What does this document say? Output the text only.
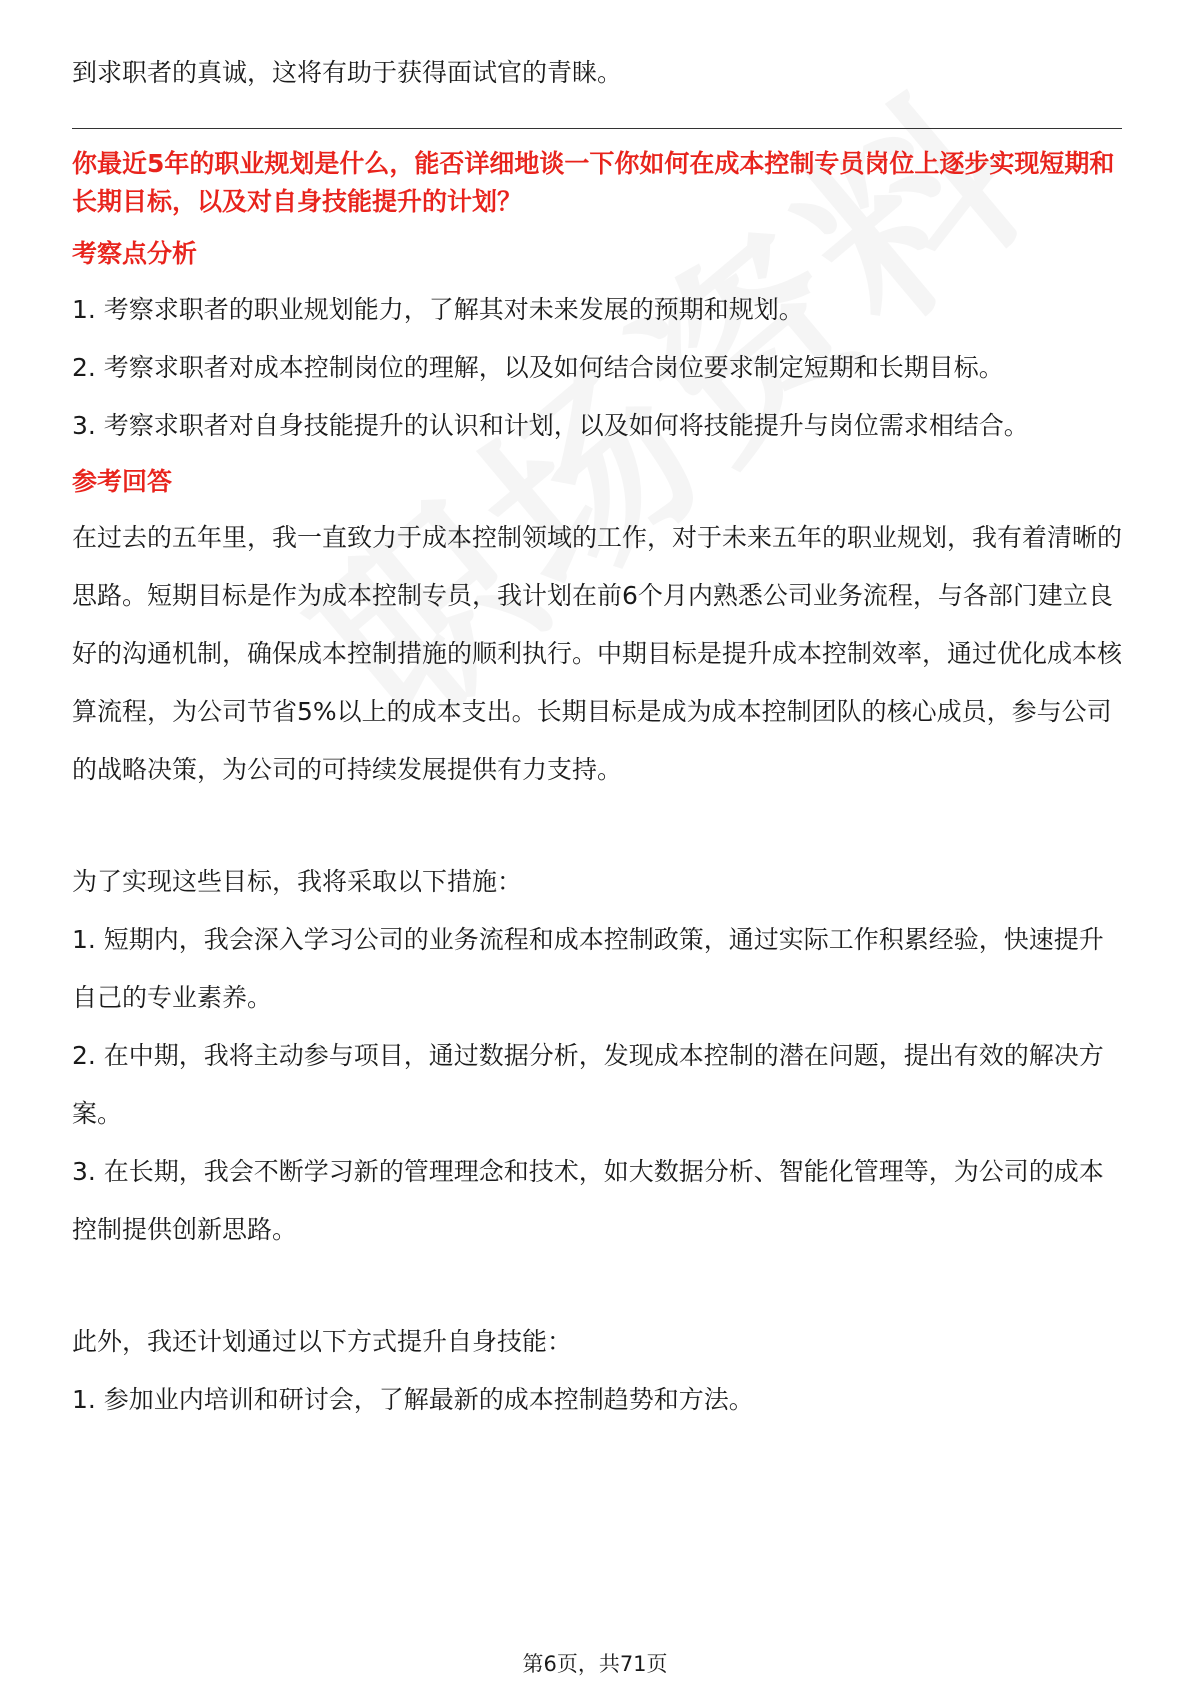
到求职者的真诚，这将有助于获得面试官的青睐。

你最近5年的职业规划是什么，能否详细地谈一下你如何在成本控制专员岗位上逐步实现短期和长期目标，以及对自身技能提升的计划？

考察点分析

1. 考察求职者的职业规划能力，了解其对未来发展的预期和规划。

2. 考察求职者对成本控制岗位的理解，以及如何结合岗位要求制定短期和长期目标。

3. 考察求职者对自身技能提升的认识和计划，以及如何将技能提升与岗位需求相结合。

参考回答

在过去的五年里，我一直致力于成本控制领域的工作，对于未来五年的职业规划，我有着清晰的思路。短期目标是作为成本控制专员，我计划在前6个月内熟悉公司业务流程，与各部门建立良好的沟通机制，确保成本控制措施的顺利执行。中期目标是提升成本控制效率，通过优化成本核算流程，为公司节省5%以上的成本支出。长期目标是成为成本控制团队的核心成员，参与公司的战略决策，为公司的可持续发展提供有力支持。

为了实现这些目标，我将采取以下措施：

1. 短期内，我会深入学习公司的业务流程和成本控制政策，通过实际工作积累经验，快速提升自己的专业素养。

2. 在中期，我将主动参与项目，通过数据分析，发现成本控制的潜在问题，提出有效的解决方案。

3. 在长期，我会不断学习新的管理理念和技术，如大数据分析、智能化管理等，为公司的成本控制提供创新思路。

此外，我还计划通过以下方式提升自身技能：

1. 参加业内培训和研讨会，了解最新的成本控制趋势和方法。

第6页，共71页
